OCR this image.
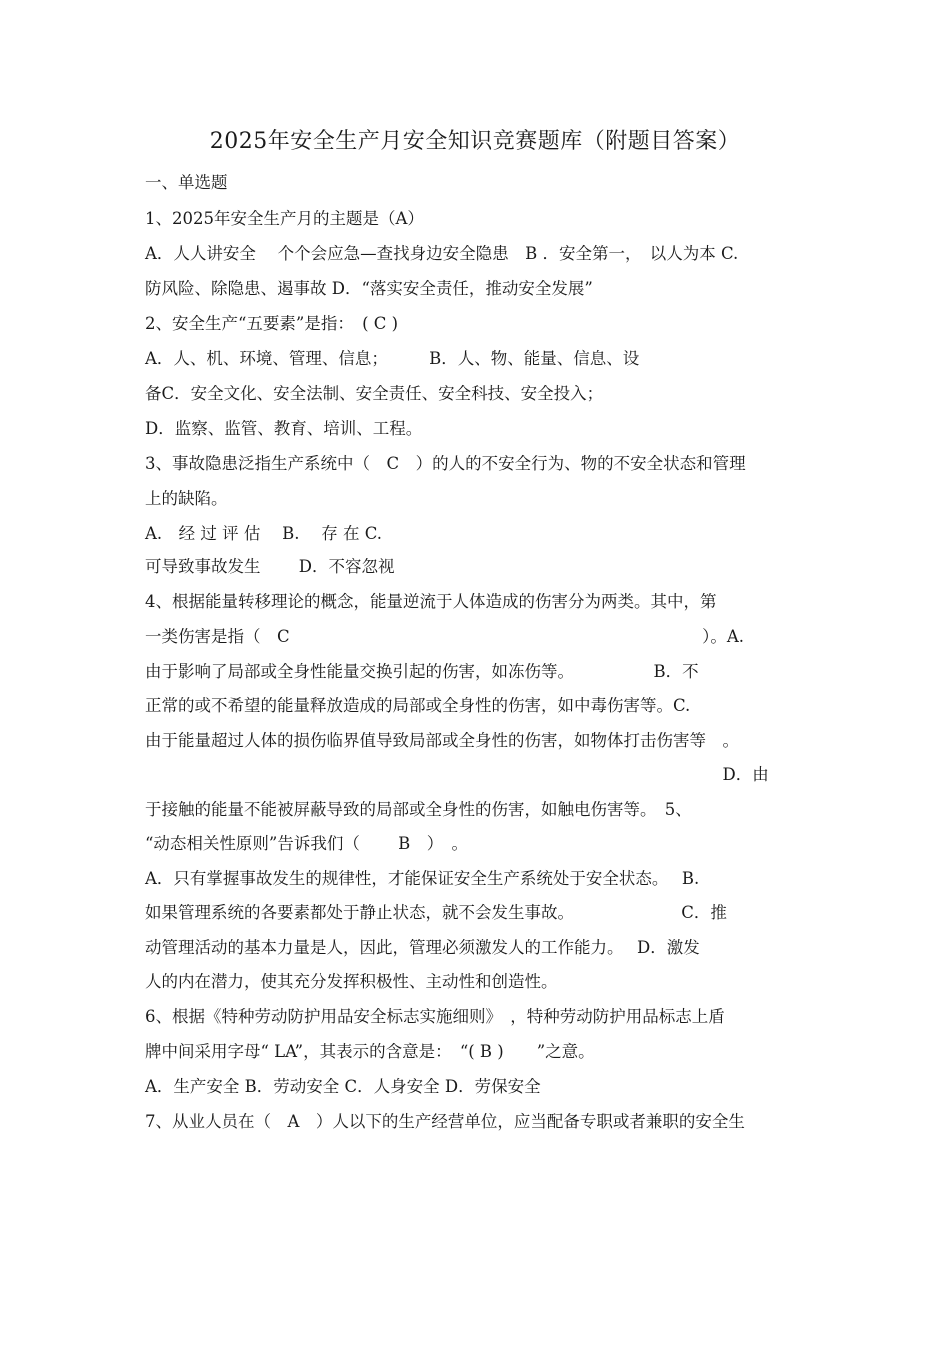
2025年安全生产月安全知识竞赛题库（附题目答案）
一、单选题
1、2025年安全生产月的主题是（A）
A．人人讲安全　 个个会应急—查找身边安全隐患　B ．安全第一，　以人为本 C.
防风险、除隐患、遏事故 D．“落实安全责任，推动安全发展”
2、安全生产“五要素”是指：　( C )
A．人、机、环境、管理、信息；　　　B．人、物、能量、信息、设
备C．安全文化、安全法制、安全责任、安全科技、安全投入；
D．监察、监管、教育、培训、工程。
3、事故隐患泛指生产系统中（　C　）的人的不安全行为、物的不安全状态和管理
上的缺陷。
A.　经 过 评 估　 B.　 存 在 C.
可导致事故发生　　 D．不容忽视
4、根据能量转移理论的概念，能量逆流于人体造成的伤害分为两类。其中，第
一类伤害是指（　C　　　　　　　　　　　　　　　　　　　　　　　　　）。A.
由于影响了局部或全身性能量交换引起的伤害，如冻伤等。　　　　　 B．不
正常的或不希望的能量释放造成的局部或全身性的伤害，如中毒伤害等。C.
由于能量超过人体的损伤临界值导致局部或全身性的伤害，如物体打击伤害等　。
　　　　　　　　　　　　　　　　　　　　　　　　　　　　　　　　　　　D．由
于接触的能量不能被屏蔽导致的局部或全身性的伤害，如触电伤害等。　5、
“动态相关性原则”告诉我们（　　 B　）　。
A．只有掌握事故发生的规律性，才能保证安全生产系统处于安全状态。　 B.
如果管理系统的各要素都处于静止状态，就不会发生事故。　　　　　　　C．推
动管理活动的基本力量是人，因此，管理必须激发人的工作能力。　 D．激发
人的内在潜力，使其充分发挥积极性、主动性和创造性。
6、根据《特种劳动防护用品安全标志实施细则》　，特种劳动防护用品标志上盾
牌中间采用字母“ LA”，其表示的含意是：　“( B )　　”之意。
A．生产安全 B．劳动安全 C．人身安全 D．劳保安全
7、从业人员在（　A　）人以下的生产经营单位，应当配备专职或者兼职的安全生
